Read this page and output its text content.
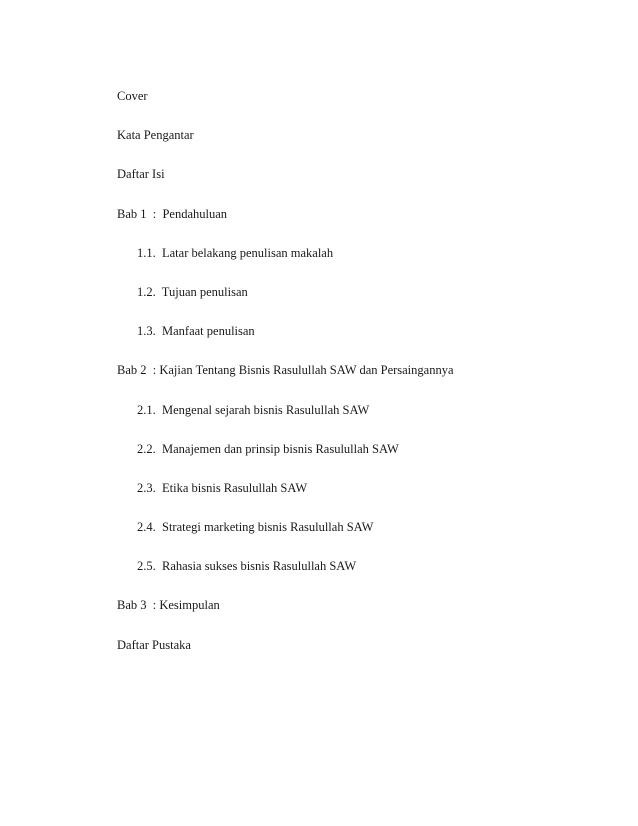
Cover
Kata Pengantar
Daftar Isi
Bab 1  :  Pendahuluan
1.1.  Latar belakang penulisan makalah
1.2.  Tujuan penulisan
1.3.  Manfaat penulisan
Bab 2  : Kajian Tentang Bisnis Rasulullah SAW dan Persaingannya
2.1.  Mengenal sejarah bisnis Rasulullah SAW
2.2.  Manajemen dan prinsip bisnis Rasulullah SAW
2.3.  Etika bisnis Rasulullah SAW
2.4.  Strategi marketing bisnis Rasulullah SAW
2.5.  Rahasia sukses bisnis Rasulullah SAW
Bab 3  : Kesimpulan
Daftar Pustaka
